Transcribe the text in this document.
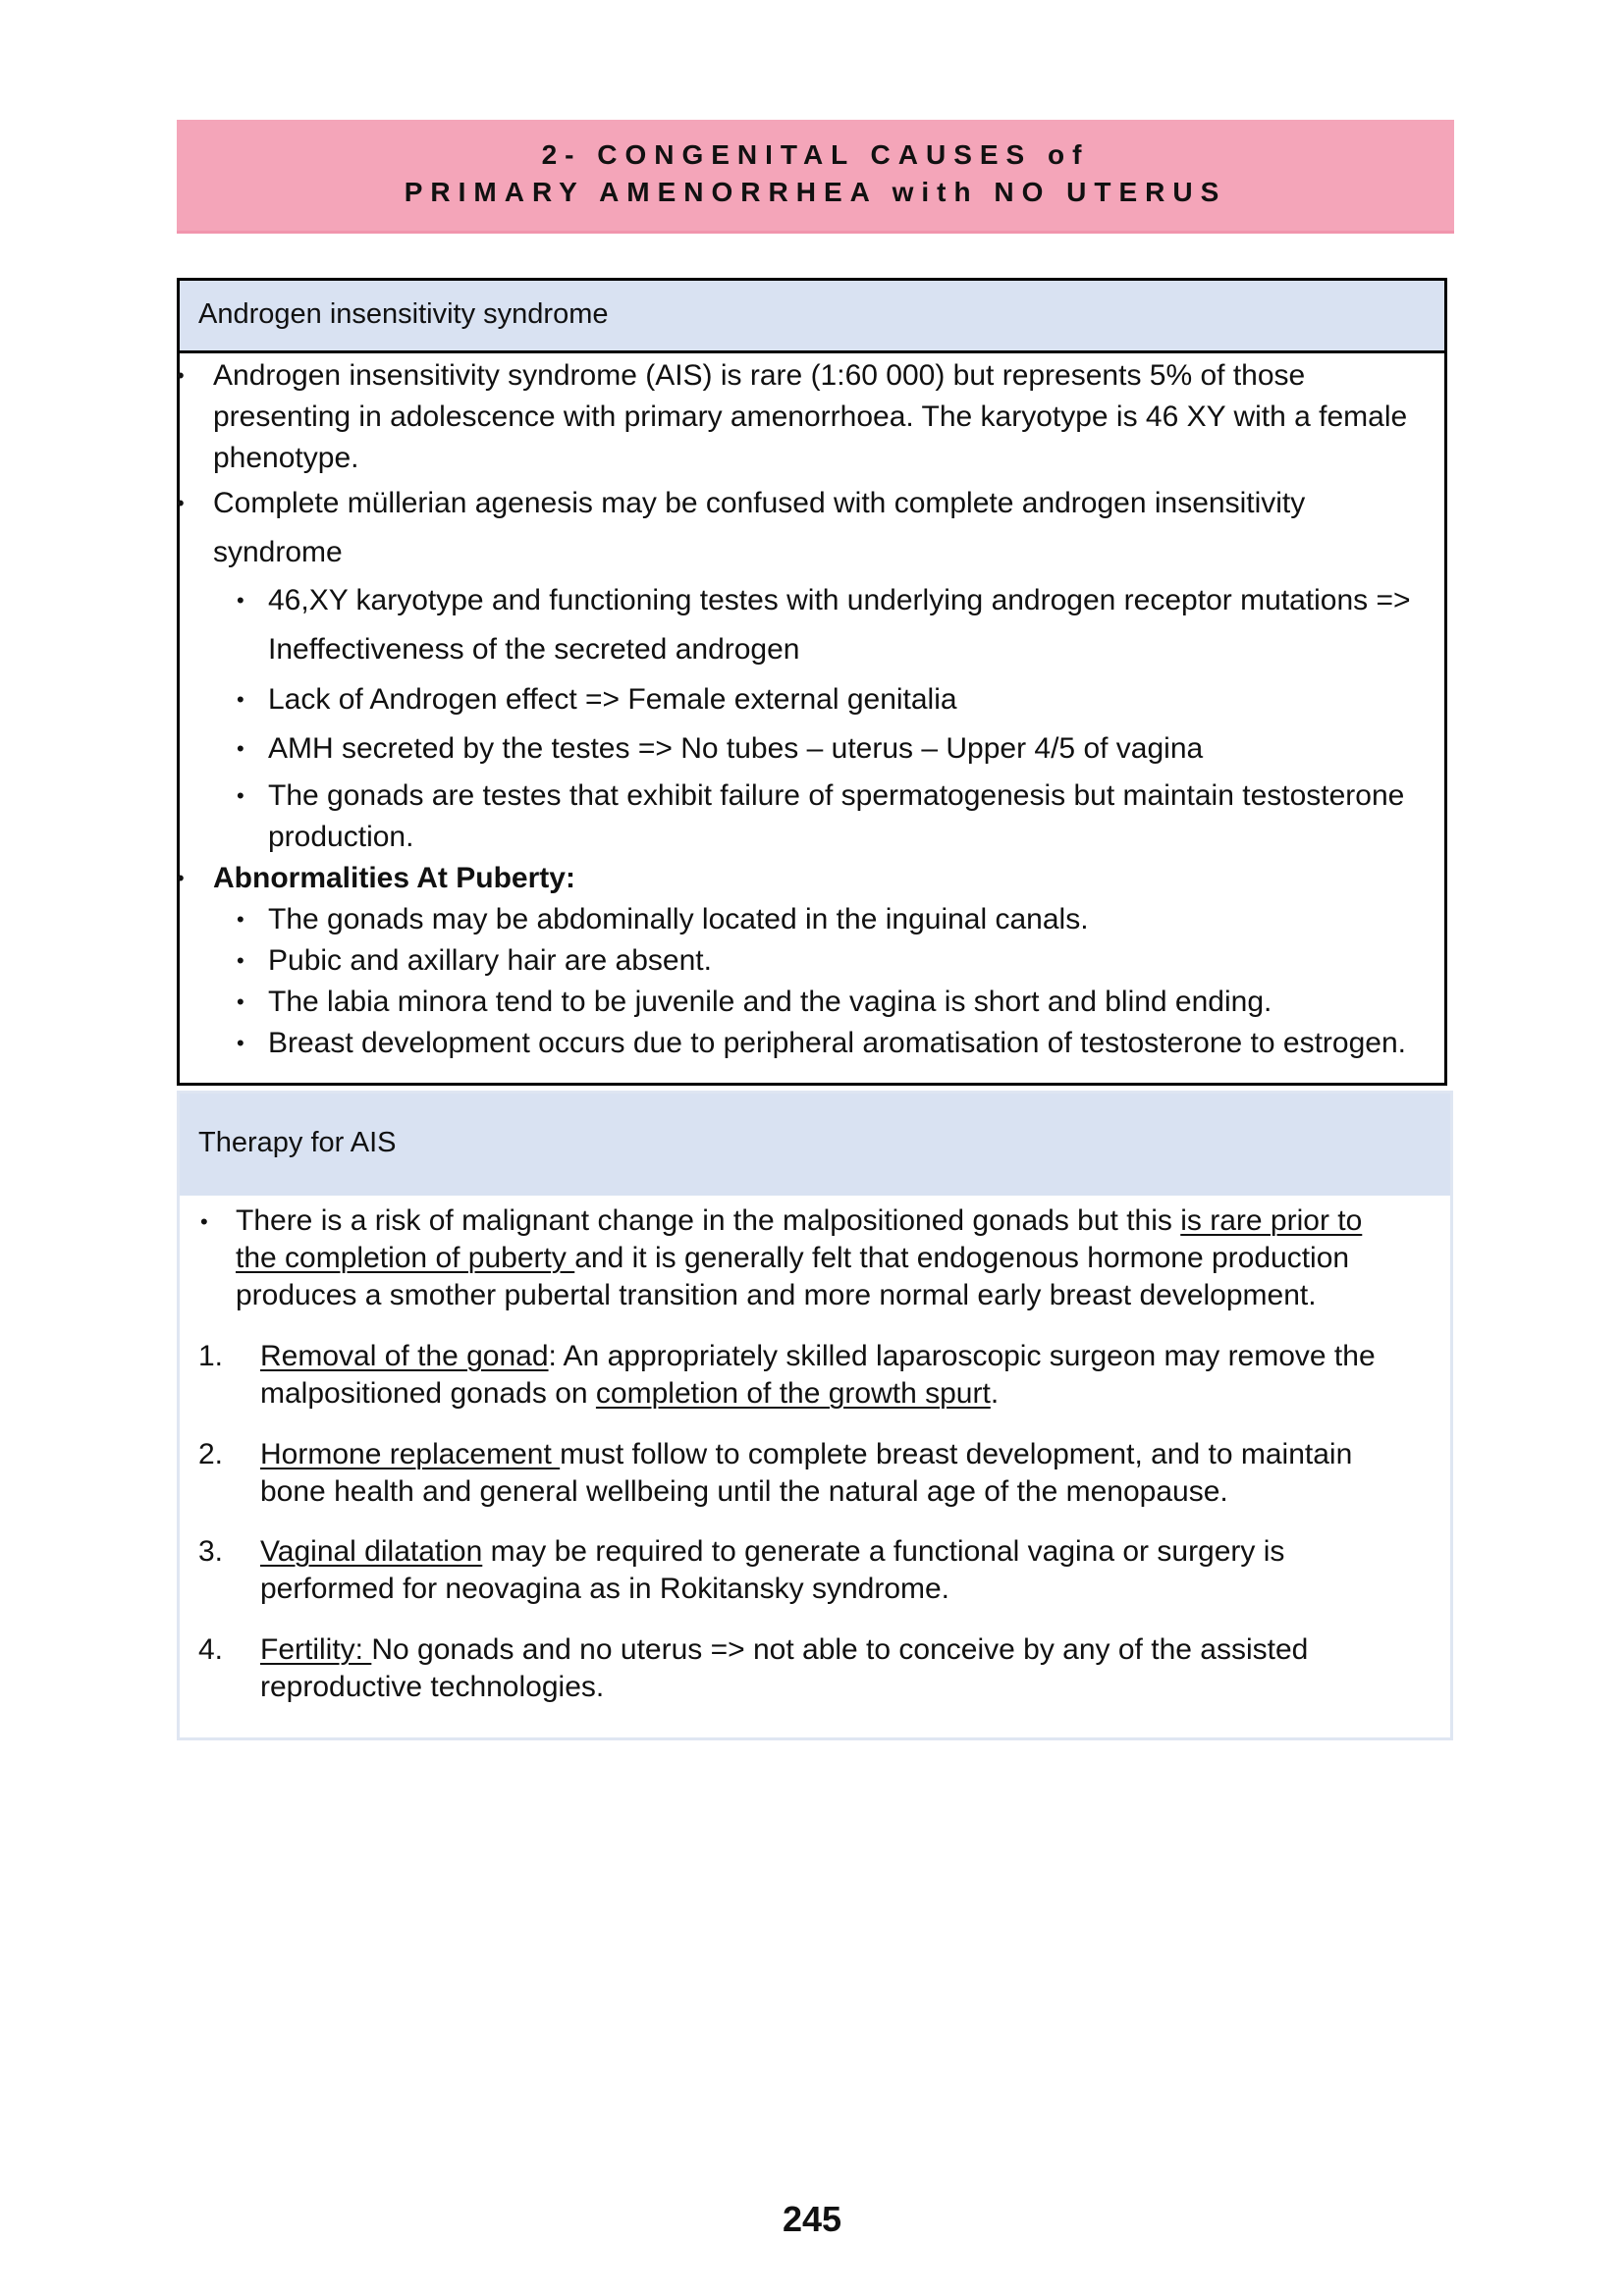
2- CONGENITAL CAUSES of
PRIMARY AMENORRHEA with NO UTERUS
Androgen insensitivity syndrome
• Androgen insensitivity syndrome (AIS) is rare (1:60 000) but represents 5% of those
presenting in adolescence with primary amenorrhoea. The karyotype is 46 XY with a female
phenotype.
• Complete müllerian agenesis may be confused with complete androgen insensitivity
syndrome
• 46,XY karyotype and functioning testes with underlying androgen receptor mutations =>
Ineffectiveness of the secreted androgen
• Lack of Androgen effect => Female external genitalia
• AMH secreted by the testes => No tubes – uterus – Upper 4/5 of vagina
• The gonads are testes that exhibit failure of spermatogenesis but maintain testosterone
production.
• Abnormalities At Puberty:
• The gonads may be abdominally located in the inguinal canals.
• Pubic and axillary hair are absent.
• The labia minora tend to be juvenile and the vagina is short and blind ending.
• Breast development occurs due to peripheral aromatisation of testosterone to estrogen.
Therapy for AIS
• There is a risk of malignant change in the malpositioned gonads but this is rare prior to
the completion of puberty and it is generally felt that endogenous hormone production
produces a smother pubertal transition and more normal early breast development.
1. Removal of the gonad: An appropriately skilled laparoscopic surgeon may remove the
malpositioned gonads on completion of the growth spurt.
2. Hormone replacement must follow to complete breast development, and to maintain
bone health and general wellbeing until the natural age of the menopause.
3. Vaginal dilatation may be required to generate a functional vagina or surgery is
performed for neovagina as in Rokitansky syndrome.
4. Fertility: No gonads and no uterus => not able to conceive by any of the assisted
reproductive technologies.
245
